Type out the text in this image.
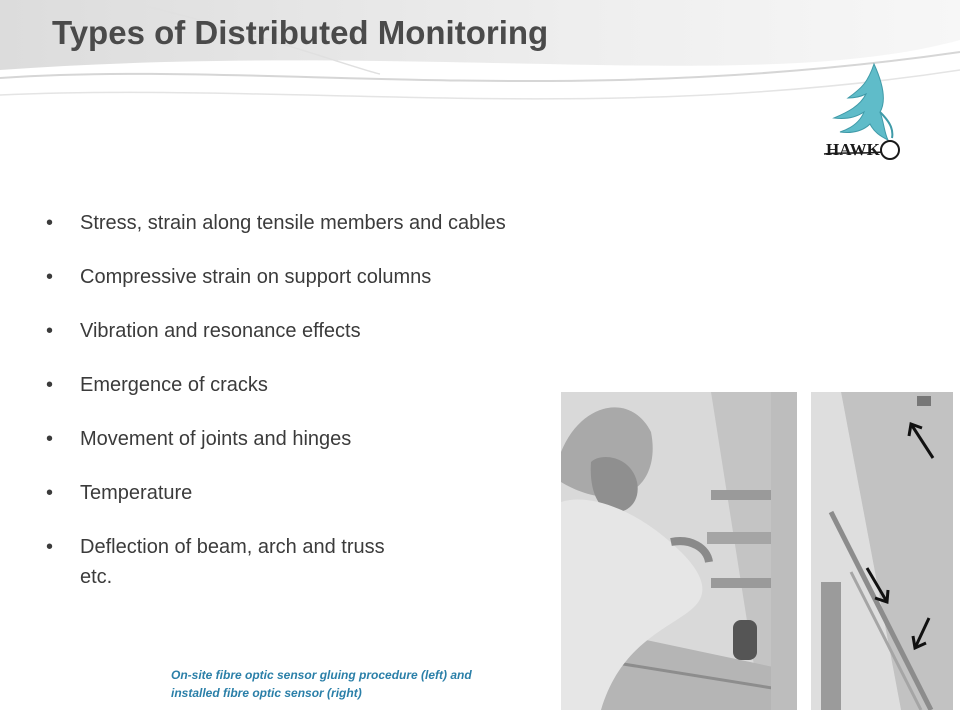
Types of Distributed Monitoring
HAWK
• Stress, strain along tensile members and cables
• Compressive strain on support columns
• Vibration and resonance effects
• Emergence of cracks
• Movement of joints and hinges
• Temperature
• Deflection of beam, arch and truss etc.
On-site fibre optic sensor gluing procedure (left) and
installed fibre optic sensor (right)
